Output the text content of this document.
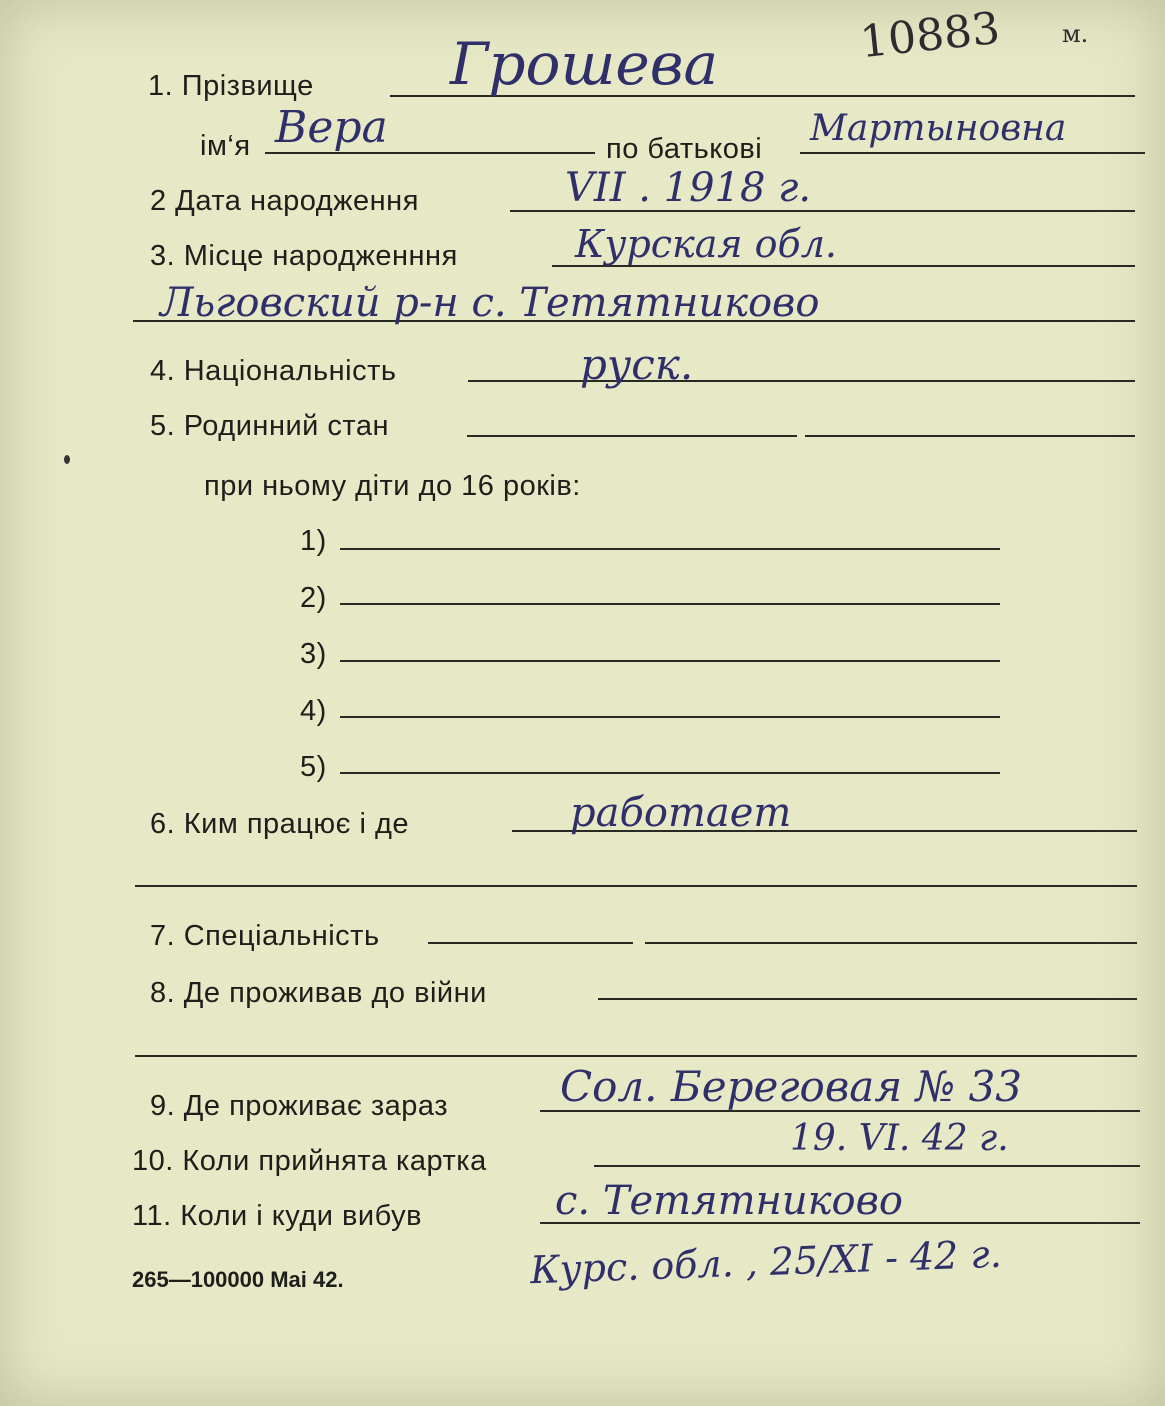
1. Прізвище
ім‘я	по батькові
2 Дата народження
3. Місце народженння
4. Національність
5. Родинний стан
при ньому діти до 16 років:
1)
2)
3)
4)
5)
6. Ким працює і де
7. Спеціальність
8. Де проживав до війни
9. Де проживає зараз
10. Коли прийнята картка
11. Коли і куди вибув
265—100000 Mai 42.
10883 м.
Грошева
Вера	Мартыновна
VII . 1918 г.
Курская обл.
Льговский р-н с. Тетятниково
руск.
работает
Сол. Береговая № 33
19. VI. 42 г.
с. Тетятниково
Курс. обл. , 25/XI - 42 г.
